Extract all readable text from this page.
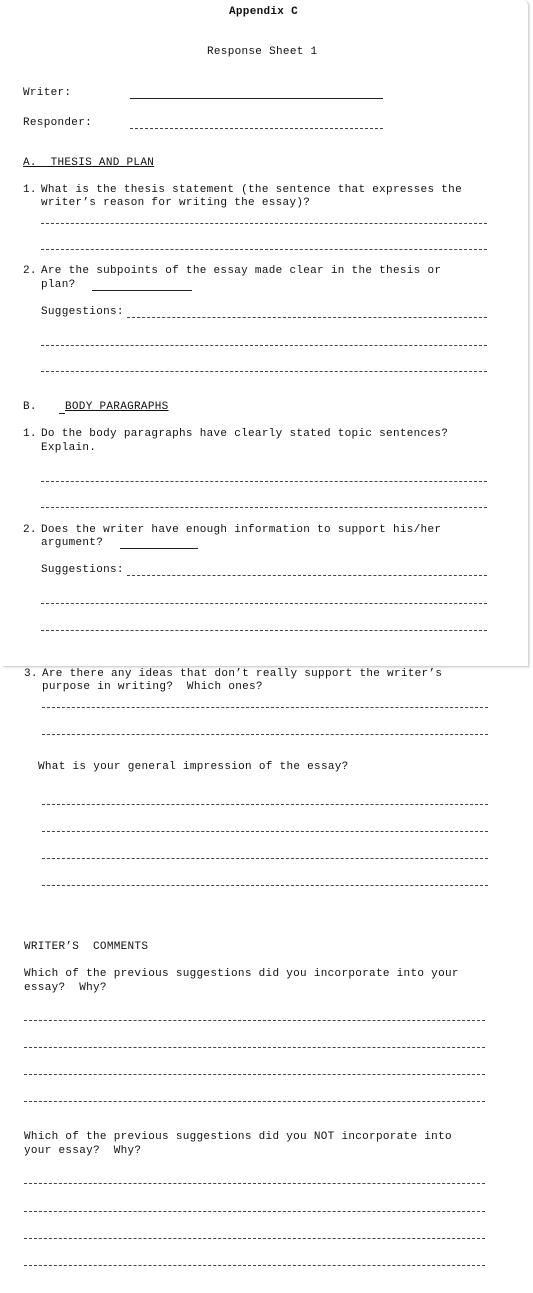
Appendix C
Response Sheet 1
Writer:
Responder:
A.  THESIS AND PLAN
1. What is the thesis statement (the sentence that expresses the
writer’s reason for writing the essay)?
2. Are the subpoints of the essay made clear in the thesis or
plan?
Suggestions:
B.	BODY PARAGRAPHS
1. Do the body paragraphs have clearly stated topic sentences?
Explain.
2. Does the writer have enough information to support his/her
argument?
Suggestions:
3. Are there any ideas that don’t really support the writer’s
purpose in writing?  Which ones?
What is your general impression of the essay?
WRITER’S  COMMENTS
Which of the previous suggestions did you incorporate into your
essay?  Why?
Which of the previous suggestions did you NOT incorporate into
your essay?  Why?
